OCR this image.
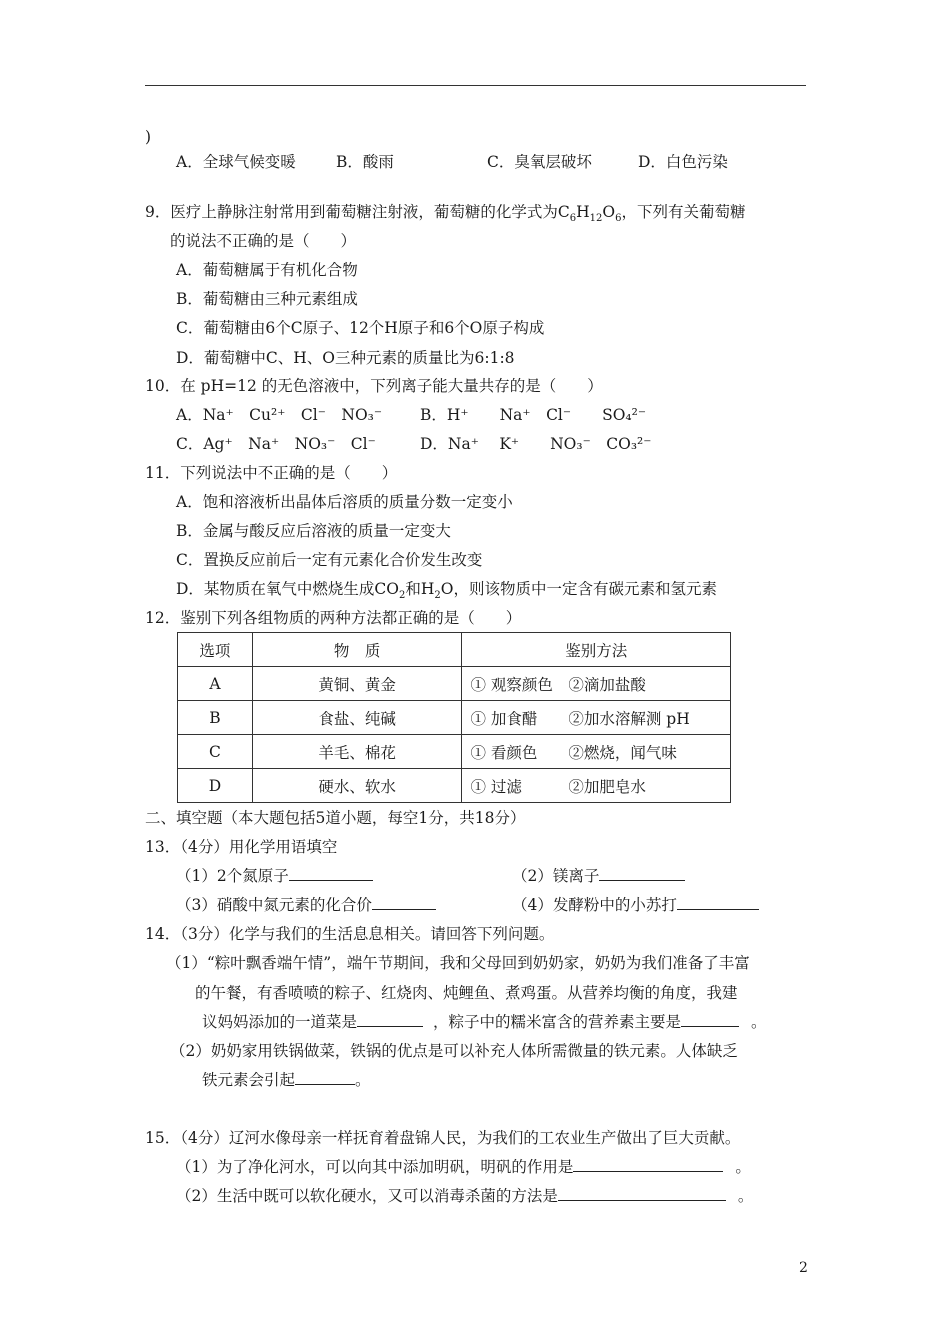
)
A．全球气候变暖	B．酸雨	C．臭氧层破坏	D．白色污染
9．医疗上静脉注射常用到葡萄糖注射液，葡萄糖的化学式为$C_6H_{12}O_6$，下列有关葡萄糖
的说法不正确的是（　　）
A．葡萄糖属于有机化合物
B．葡萄糖由三种元素组成
C．葡萄糖由6个C原子、12个H原子和6个O原子构成
D．葡萄糖中C、H、O三种元素的质量比为6:1:8
10．在 pH=12 的无色溶液中，下列离子能大量共存的是（　　）
A．Na⁺　Cu²⁺　Cl⁻　NO₃⁻ B．H⁺　　Na⁺　Cl⁻　　SO₄²⁻
C．Ag⁺　Na⁺　NO₃⁻　Cl⁻	D．Na⁺　 K⁺　　NO₃⁻　CO₃²⁻
11．下列说法中不正确的是（　　）
A．饱和溶液析出晶体后溶质的质量分数一定变小
B．金属与酸反应后溶液的质量一定变大
C．置换反应前后一定有元素化合价发生改变
D．某物质在氧气中燃烧生成$CO_2$和$H_2O$，则该物质中一定含有碳元素和氢元素
12．鉴别下列各组物质的两种方法都正确的是（　　）
选项	物　质	鉴别方法
A	黄铜、黄金	① 观察颜色　②滴加盐酸
B	食盐、纯碱	① 加食醋　　②加水溶解测 pH
C	羊毛、棉花	① 看颜色　　②燃烧，闻气味
D	硬水、软水	① 过滤　　　②加肥皂水
二、填空题（本大题包括5道小题，每空1分，共18分）
13．（4分）用化学用语填空
（1）2个氮原子	（2）镁离子
（3）硝酸中氮元素的化合价	（4）发酵粉中的小苏打
14．（3分）化学与我们的生活息息相关。请回答下列问题。
（1）“粽叶飘香端午情”，端午节期间，我和父母回到奶奶家，奶奶为我们准备了丰富
的午餐，有香喷喷的粽子、红烧肉、炖鲤鱼、煮鸡蛋。从营养均衡的角度，我建
议妈妈添加的一道菜是	，粽子中的糯米富含的营养素主要是	。
（2）奶奶家用铁锅做菜，铁锅的优点是可以补充人体所需微量的铁元素。人体缺乏
铁元素会引起	。
15．（4分）辽河水像母亲一样抚育着盘锦人民，为我们的工农业生产做出了巨大贡献。
（1）为了净化河水，可以向其中添加明矾，明矾的作用是	。
（2）生活中既可以软化硬水，又可以消毒杀菌的方法是	。
2
